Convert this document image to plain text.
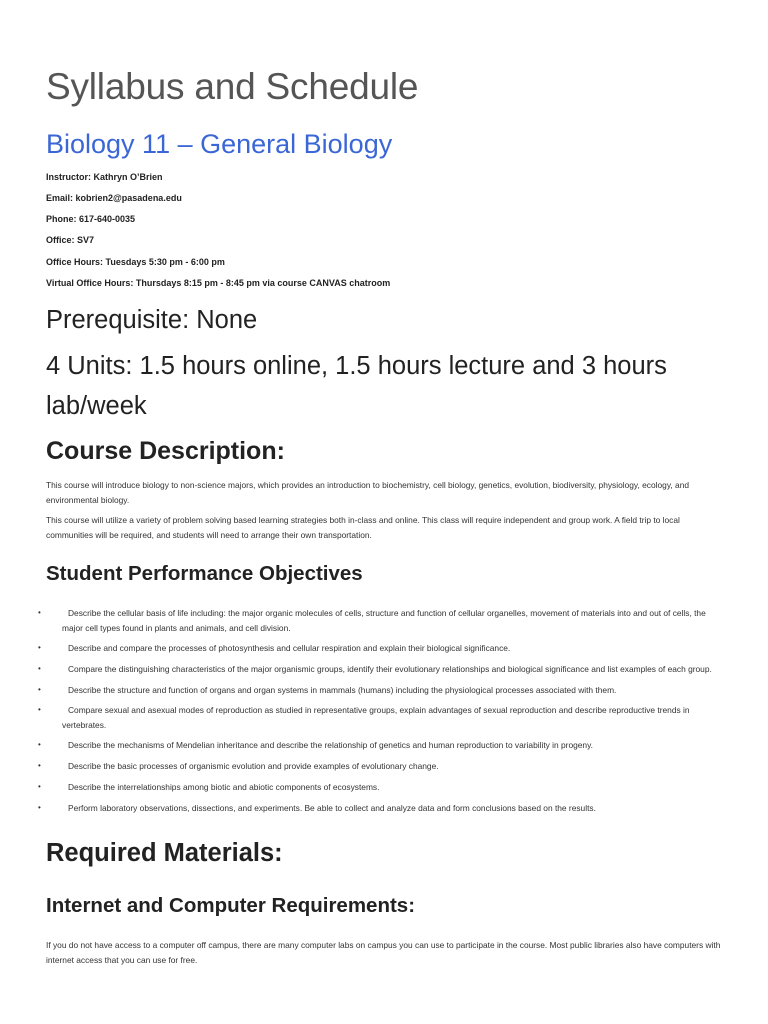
Syllabus and Schedule
Biology 11 – General Biology
Instructor: Kathryn O’Brien
Email: kobrien2@pasadena.edu
Phone: 617-640-0035
Office: SV7
Office Hours: Tuesdays 5:30 pm - 6:00 pm
Virtual Office Hours: Thursdays 8:15 pm - 8:45 pm via course CANVAS chatroom
Prerequisite: None
4 Units: 1.5 hours online, 1.5 hours lecture and 3 hours
lab/week
Course Description:

This course will introduce biology to non-science majors, which provides an introduction to biochemistry, cell biology, genetics, evolution, biodiversity, physiology, ecology, and environmental biology.

This course will utilize a variety of problem solving based learning strategies both in-class and online. This class will require independent and group work. A field trip to local communities will be required, and students will need to arrange their own transportation.

Student Performance Objectives
•	Describe the cellular basis of life including: the major organic molecules of cells, structure and function of cellular organelles, movement of materials into and out of cells, the major cell types found in plants and animals, and cell division.
•	Describe and compare the processes of photosynthesis and cellular respiration and explain their biological significance.
•	Compare the distinguishing characteristics of the major organismic groups, identify their evolutionary relationships and biological significance and list examples of each group.
•	Describe the structure and function of organs and organ systems in mammals (humans) including the physiological processes associated with them.
•	Compare sexual and asexual modes of reproduction as studied in representative groups, explain advantages of sexual reproduction and describe reproductive trends in vertebrates.
•	Describe the mechanisms of Mendelian inheritance and describe the relationship of genetics and human reproduction to variability in progeny.
•	Describe the basic processes of organismic evolution and provide examples of evolutionary change.
•	Describe the interrelationships among biotic and abiotic components of ecosystems.
•	Perform laboratory observations, dissections, and experiments. Be able to collect and analyze data and form conclusions based on the results.
Required Materials:
Internet and Computer Requirements:

If you do not have access to a computer off campus, there are many computer labs on campus you can use to participate in the course. Most public libraries also have computers with internet access that you can use for free.
